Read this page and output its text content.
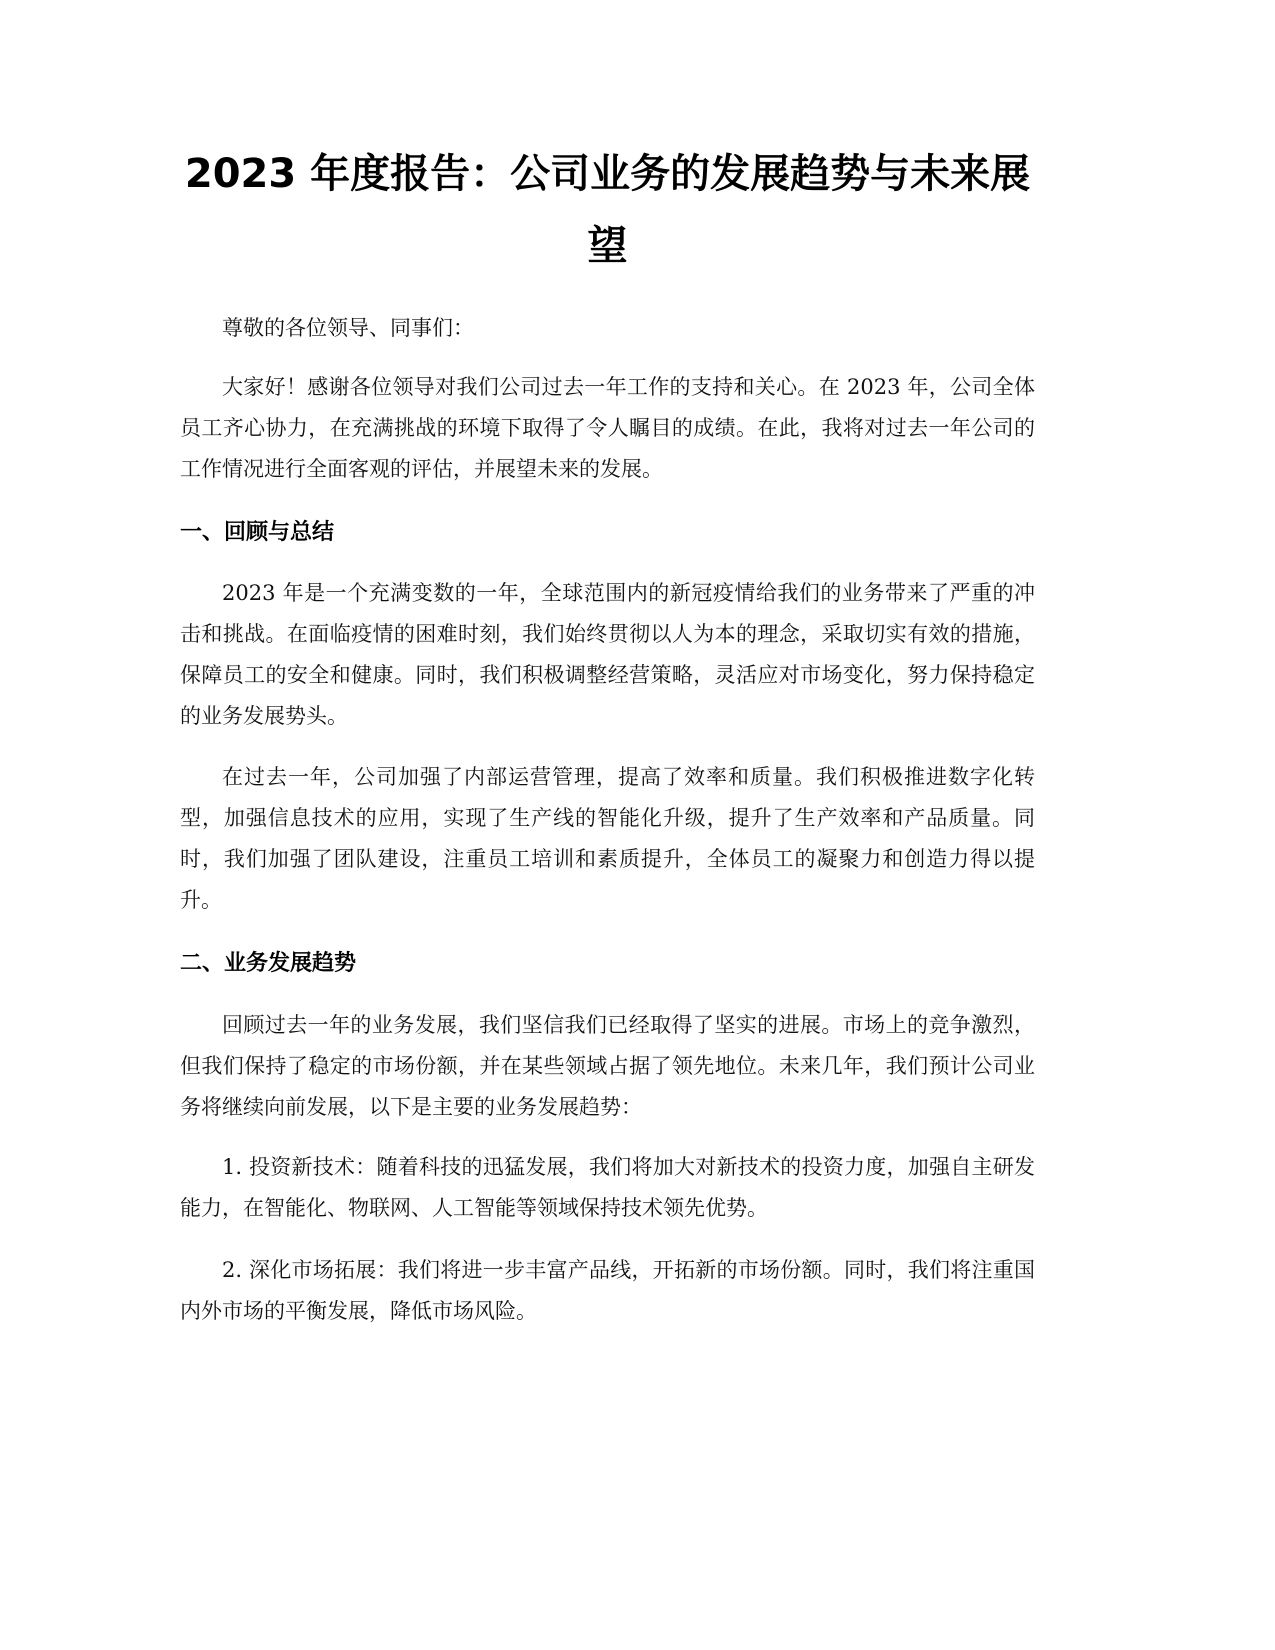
2023 年度报告：公司业务的发展趋势与未来展望

尊敬的各位领导、同事们：

大家好！感谢各位领导对我们公司过去一年工作的支持和关心。在 2023 年，公司全体员工齐心协力，在充满挑战的环境下取得了令人瞩目的成绩。在此，我将对过去一年公司的工作情况进行全面客观的评估，并展望未来的发展。

一、回顾与总结

2023 年是一个充满变数的一年，全球范围内的新冠疫情给我们的业务带来了严重的冲击和挑战。在面临疫情的困难时刻，我们始终贯彻以人为本的理念，采取切实有效的措施，保障员工的安全和健康。同时，我们积极调整经营策略，灵活应对市场变化，努力保持稳定的业务发展势头。

在过去一年，公司加强了内部运营管理，提高了效率和质量。我们积极推进数字化转型，加强信息技术的应用，实现了生产线的智能化升级，提升了生产效率和产品质量。同时，我们加强了团队建设，注重员工培训和素质提升，全体员工的凝聚力和创造力得以提升。

二、业务发展趋势

回顾过去一年的业务发展，我们坚信我们已经取得了坚实的进展。市场上的竞争激烈，但我们保持了稳定的市场份额，并在某些领域占据了领先地位。未来几年，我们预计公司业务将继续向前发展，以下是主要的业务发展趋势：

1. 投资新技术：随着科技的迅猛发展，我们将加大对新技术的投资力度，加强自主研发能力，在智能化、物联网、人工智能等领域保持技术领先优势。

2. 深化市场拓展：我们将进一步丰富产品线，开拓新的市场份额。同时，我们将注重国内外市场的平衡发展，降低市场风险。
